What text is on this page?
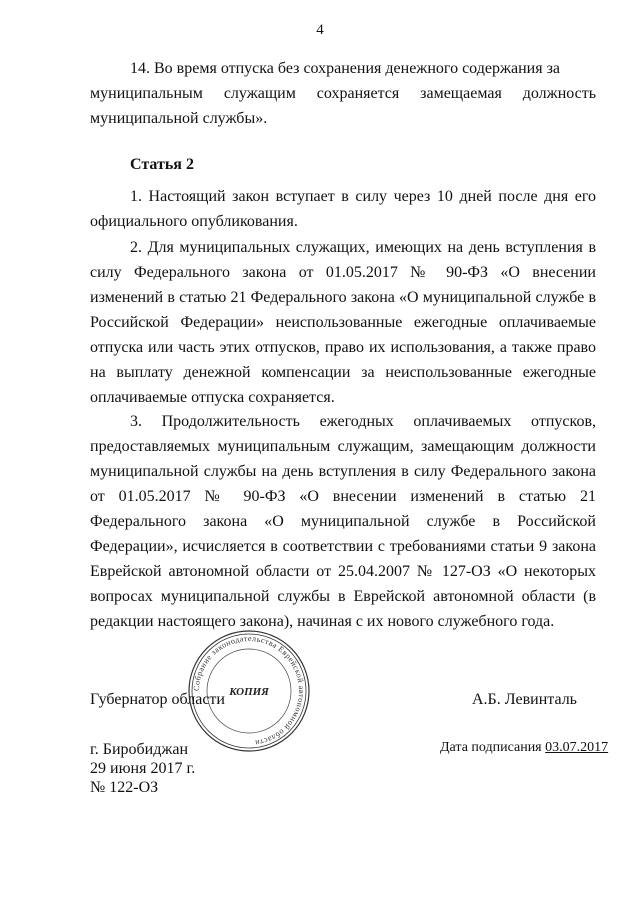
4

14. Во время отпуска без сохранения денежного содержания за

муниципальным служащим сохраняется замещаемая должность

муниципальной службы».

Статья 2

1. Настоящий закон вступает в силу через 10 дней после дня его официального опубликования.

2. Для муниципальных служащих, имеющих на день вступления в силу Федерального закона от 01.05.2017 № 90-ФЗ «О внесении изменений в статью 21 Федерального закона «О муниципальной службе в Российской Федерации» неиспользованные ежегодные оплачиваемые отпуска или часть этих отпусков, право их использования, а также право на выплату денежной компенсации за неиспользованные ежегодные оплачиваемые отпуска сохраняется.

3. Продолжительность ежегодных оплачиваемых отпусков, предоставляемых муниципальным служащим, замещающим должности муниципальной службы на день вступления в силу Федерального закона от 01.05.2017 № 90-ФЗ «О внесении изменений в статью 21 Федерального закона «О муниципальной службе в Российской Федерации», исчисляется в соответствии с требованиями статьи 9 закона Еврейской автономной области от 25.04.2007 № 127-ОЗ «О некоторых вопросах муниципальной службы в Еврейской автономной области (в редакции настоящего закона), начиная с их нового служебного года.

Собрание законодательства Еврейской автономной области
КОПИЯ
Губернатор области	А.Б. Левинталь
г. Биробиджан
29 июня 2017 г.
№ 122-ОЗ
Дата подписания 03.07.2017
